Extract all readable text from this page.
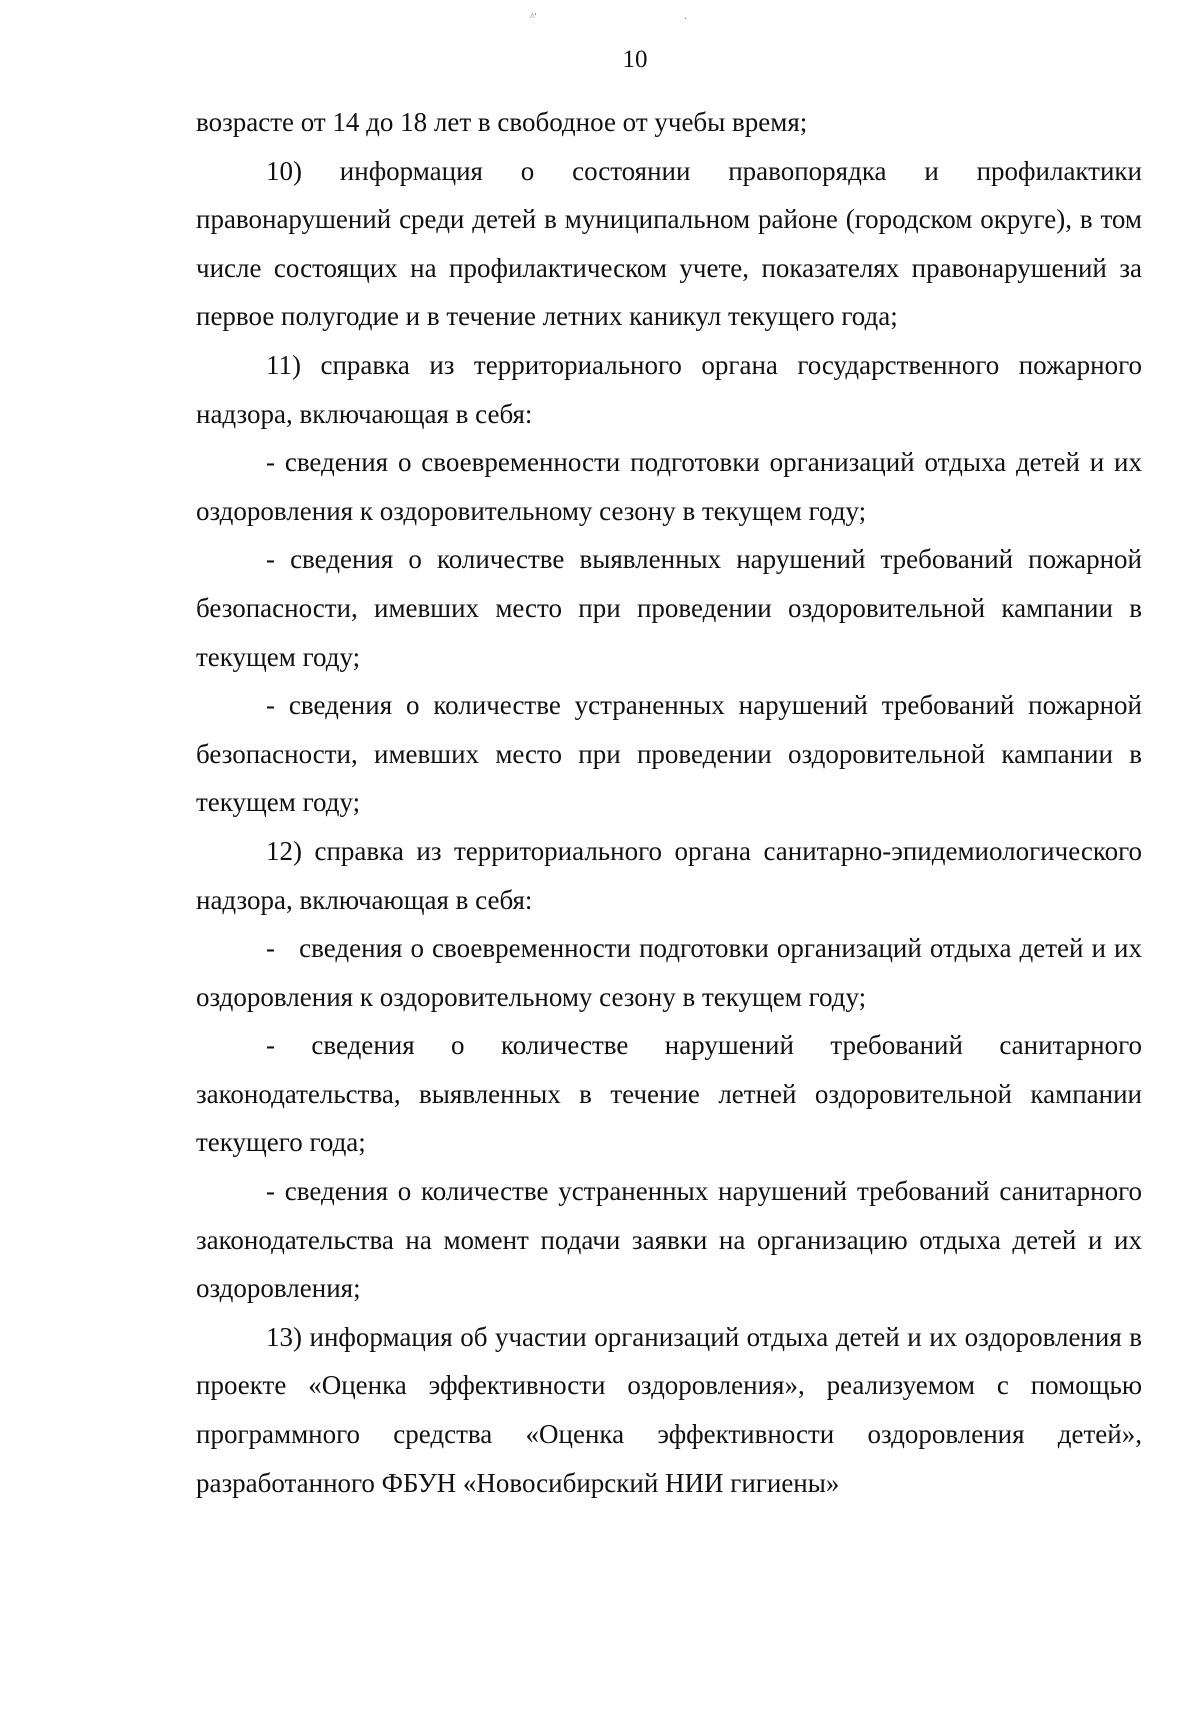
^'	·
10

возрасте от 14 до 18 лет в свободное от учебы время;

10) информация о состоянии правопорядка и профилактики правонарушений среди детей в муниципальном районе (городском округе), в том числе состоящих на профилактическом учете, показателях правонарушений за первое полугодие и в течение летних каникул текущего года;

11) справка из территориального органа государственного пожарного надзора, включающая в себя:

- сведения о своевременности подготовки организаций отдыха детей и их оздоровления к оздоровительному сезону в текущем году;

- сведения о количестве выявленных нарушений требований пожарной безопасности, имевших место при проведении оздоровительной кампании в текущем году;

- сведения о количестве устраненных нарушений требований пожарной безопасности, имевших место при проведении оздоровительной кампании в текущем году;

12) справка из территориального органа санитарно-эпидемиологического надзора, включающая в себя:

-   сведения о своевременности подготовки организаций отдыха детей и их оздоровления к оздоровительному сезону в текущем году;

- сведения о количестве нарушений требований санитарного законодательства, выявленных в течение летней оздоровительной кампании текущего года;

- сведения о количестве устраненных нарушений требований санитарного законодательства на момент подачи заявки на организацию отдыха детей и их оздоровления;

13) информация об участии организаций отдыха детей и их оздоровления в проекте «Оценка эффективности оздоровления», реализуемом с помощью программного средства «Оценка эффективности оздоровления детей», разработанного ФБУН «Новосибирский НИИ гигиены»
